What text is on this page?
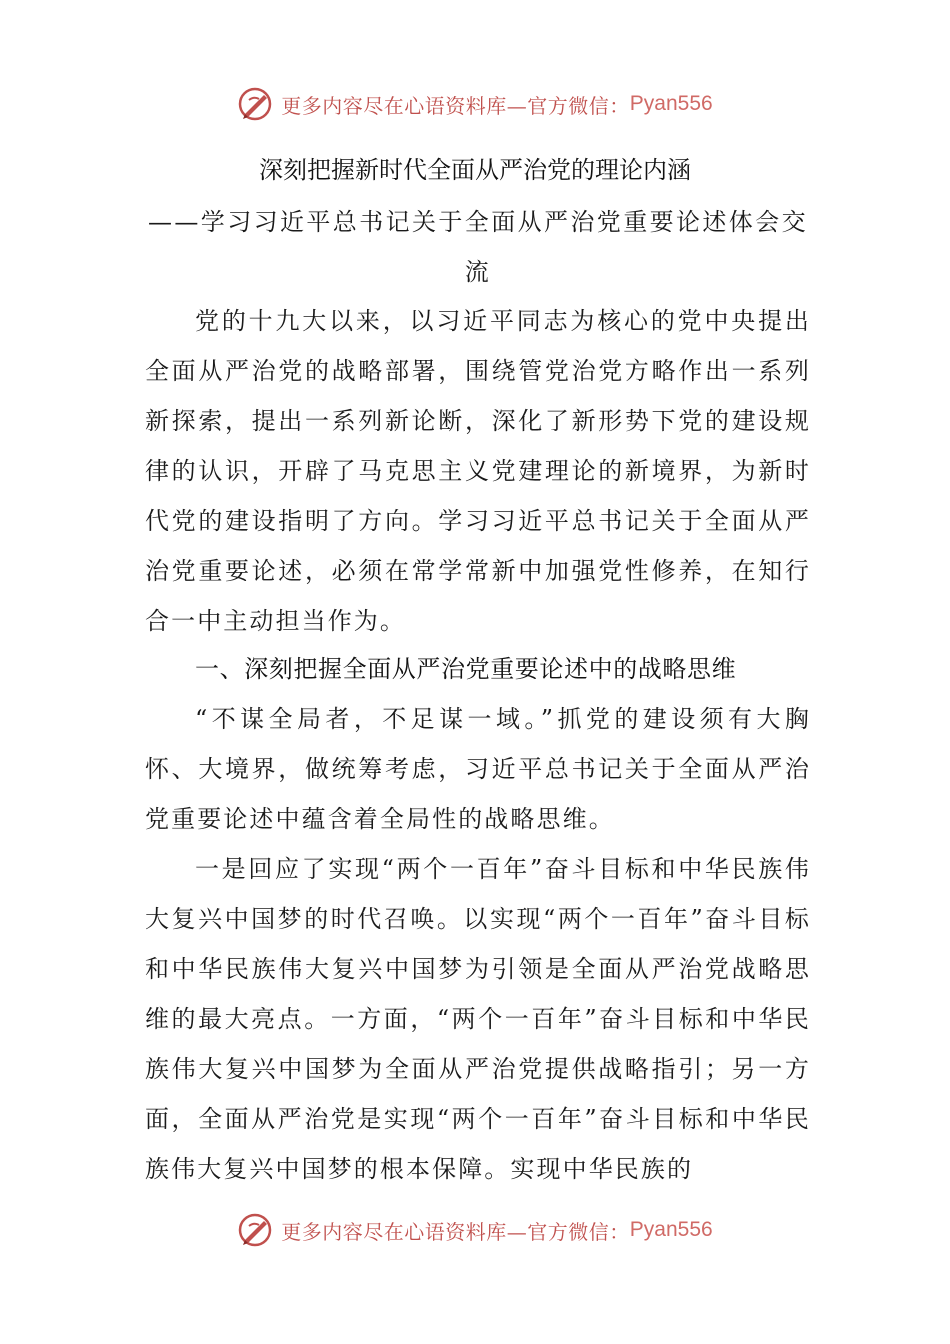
更多内容尽在心语资料库—官方微信： Pyan556
深刻把握新时代全面从严治党的理论内涵
——学习习近平总书记关于全面从严治党重要论述体会交流

党的十九大以来，以习近平同志为核心的党中央提出全面从严治党的战略部署，围绕管党治党方略作出一系列新探索，提出一系列新论断，深化了新形势下党的建设规律的认识，开辟了马克思主义党建理论的新境界，为新时代党的建设指明了方向。学习习近平总书记关于全面从严治党重要论述，必须在常学常新中加强党性修养，在知行合一中主动担当作为。

一、深刻把握全面从严治党重要论述中的战略思维

“不谋全局者，不足谋一域。”抓党的建设须有大胸怀、大境界，做统筹考虑，习近平总书记关于全面从严治党重要论述中蕴含着全局性的战略思维。

一是回应了实现“两个一百年”奋斗目标和中华民族伟大复兴中国梦的时代召唤。以实现“两个一百年”奋斗目标和中华民族伟大复兴中国梦为引领是全面从严治党战略思维的最大亮点。一方面，“两个一百年”奋斗目标和中华民族伟大复兴中国梦为全面从严治党提供战略指引；另一方面，全面从严治党是实现“两个一百年”奋斗目标和中华民族伟大复兴中国梦的根本保障。实现中华民族的

更多内容尽在心语资料库—官方微信： Pyan556
